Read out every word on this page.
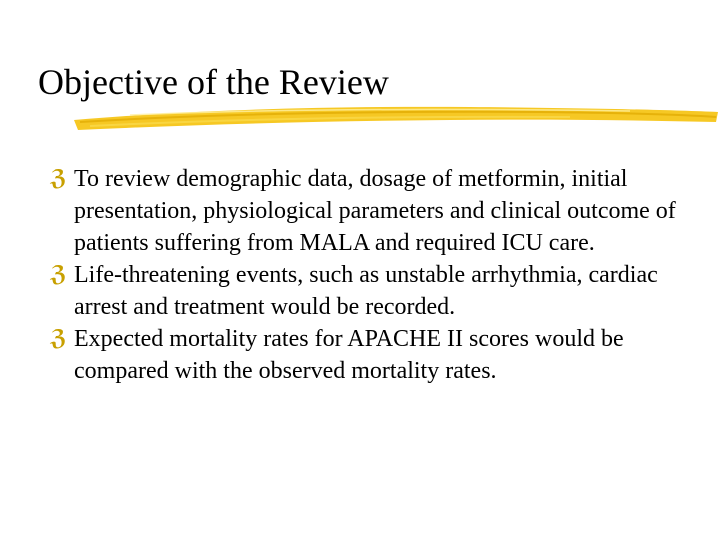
Objective of the Review
ℨ To review demographic data, dosage of metformin, initial presentation, physiological parameters and clinical outcome of patients suffering from MALA and required ICU care.
ℨ Life-threatening events, such as unstable arrhythmia, cardiac arrest and treatment would be recorded.
ℨ Expected mortality rates for APACHE II scores would be compared with the observed mortality rates.
